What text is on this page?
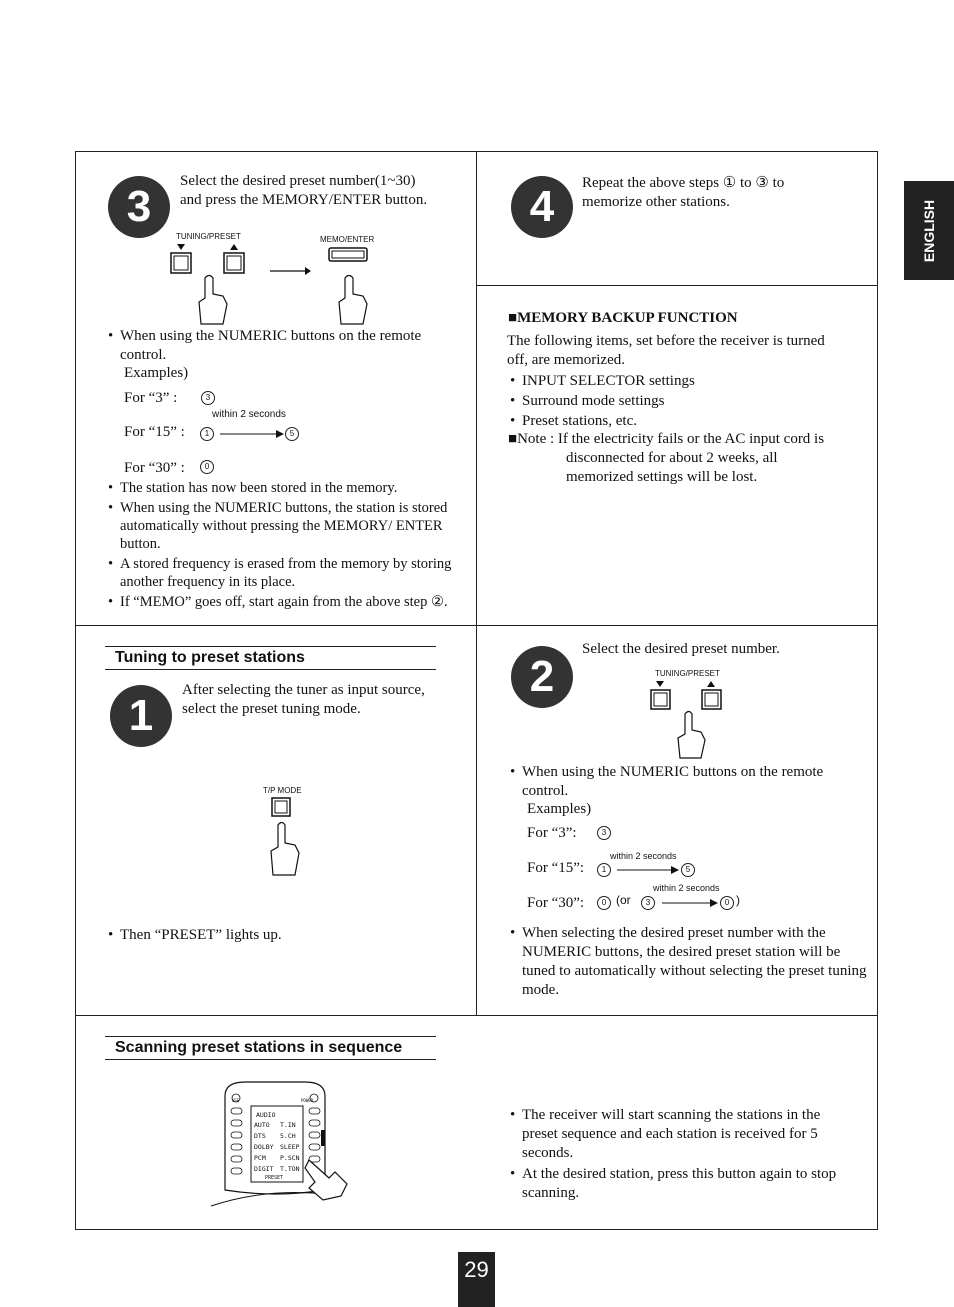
ENGLISH
3
Select the desired preset number(1~30)
and press the MEMORY/ENTER button.
TUNING/PRESET	MEMO/ENTER
• When using the NUMERIC buttons on the remote
control.
Examples)
For “3” :	3
within 2 seconds
For “15” :	1	5
For “30” :	0
• The station has now been stored in the memory.
• When using the NUMERIC buttons, the station is stored automatically without pressing the MEMORY/ ENTER button.
• A stored frequency is erased from the memory by storing another frequency in its place.
• If “MEMO” goes off, start again from the above step ②.
4	Repeat the above steps ① to ③ to
memorize other stations.
■MEMORY BACKUP FUNCTION
The following items, set before the receiver is turned
off, are memorized.
• INPUT SELECTOR settings
• Surround mode settings
• Preset stations, etc.
■Note : If the electricity fails or the AC input cord is
disconnected for about 2 weeks, all
memorized settings will be lost.
Tuning to preset stations
1
After selecting the tuner as input source,
select the preset tuning mode.
T/P MODE
• Then “PRESET” lights up.
2
Select the desired preset number.
TUNING/PRESET
• When using the NUMERIC buttons on the remote
control.
Examples)
For “3”:	3
within 2 seconds
For “15”:	1	5
within 2 seconds
For “30”:	0 (or	3	0 )
• When selecting the desired preset number with the NUMERIC buttons, the desired preset station will be tuned to automatically without selecting the preset tuning mode.
Scanning preset stations in sequence
USE	POWER
AUDIO
AUTO T.IN
DTS 5.CH
DOLBY SLEEP
PCM P.SCN
DIGIT T.TON
PRESET
• The receiver will start scanning the stations in the preset sequence and each station is received for 5 seconds.
• At the desired station, press this button again to stop scanning.
29
